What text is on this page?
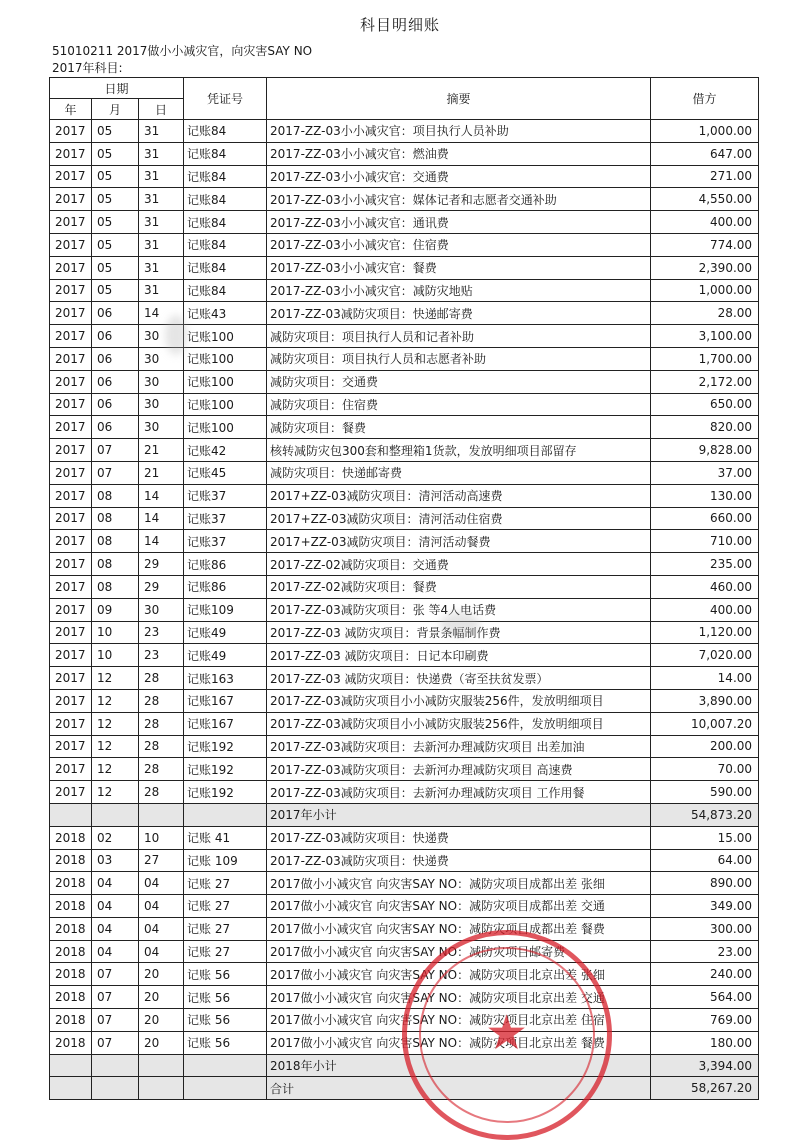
科目明细账
51010211 2017做小小减灾官，向灾害SAY NO
2017年科目:
日期			凭证号	摘要	借方
年	月	日			
2017	05	31	记账84	2017-ZZ-03小小减灾官：项目执行人员补助	1,000.00
2017	05	31	记账84	2017-ZZ-03小小减灾官：燃油费	647.00
2017	05	31	记账84	2017-ZZ-03小小减灾官：交通费	271.00
2017	05	31	记账84	2017-ZZ-03小小减灾官：媒体记者和志愿者交通补助	4,550.00
2017	05	31	记账84	2017-ZZ-03小小减灾官：通讯费	400.00
2017	05	31	记账84	2017-ZZ-03小小减灾官：住宿费	774.00
2017	05	31	记账84	2017-ZZ-03小小减灾官：餐费	2,390.00
2017	05	31	记账84	2017-ZZ-03小小减灾官：减防灾地贴	1,000.00
2017	06	14	记账43	2017-ZZ-03减防灾项目：快递邮寄费	28.00
2017	06	30	记账100	减防灾项目：项目执行人员和记者补助	3,100.00
2017	06	30	记账100	减防灾项目：项目执行人员和志愿者补助	1,700.00
2017	06	30	记账100	减防灾项目：交通费	2,172.00
2017	06	30	记账100	减防灾项目：住宿费	650.00
2017	06	30	记账100	减防灾项目：餐费	820.00
2017	07	21	记账42	核转减防灾包300套和整理箱1货款，发放明细项目部留存	9,828.00
2017	07	21	记账45	减防灾项目：快递邮寄费	37.00
2017	08	14	记账37	2017+ZZ-03减防灾项目：清河活动高速费	130.00
2017	08	14	记账37	2017+ZZ-03减防灾项目：清河活动住宿费	660.00
2017	08	14	记账37	2017+ZZ-03减防灾项目：清河活动餐费	710.00
2017	08	29	记账86	2017-ZZ-02减防灾项目：交通费	235.00
2017	08	29	记账86	2017-ZZ-02减防灾项目：餐费	460.00
2017	09	30	记账109	2017-ZZ-03减防灾项目：张 等4人电话费	400.00
2017	10	23	记账49	2017-ZZ-03 减防灾项目：背景条幅制作费	1,120.00
2017	10	23	记账49	2017-ZZ-03 减防灾项目：日记本印刷费	7,020.00
2017	12	28	记账163	2017-ZZ-03 减防灾项目：快递费（寄至扶贫发票）	14.00
2017	12	28	记账167	2017-ZZ-03减防灾项目小小减防灾服装256件，发放明细项目	3,890.00
2017	12	28	记账167	2017-ZZ-03减防灾项目小小减防灾服装256件，发放明细项目	10,007.20
2017	12	28	记账192	2017-ZZ-03减防灾项目：去新河办理减防灾项目 出差加油	200.00
2017	12	28	记账192	2017-ZZ-03减防灾项目：去新河办理减防灾项目 高速费	70.00
2017	12	28	记账192	2017-ZZ-03减防灾项目：去新河办理减防灾项目 工作用餐	590.00
				2017年小计	54,873.20
2018	02	10	记账 41	2017-ZZ-03减防灾项目：快递费	15.00
2018	03	27	记账 109	2017-ZZ-03减防灾项目：快递费	64.00
2018	04	04	记账 27	2017做小小减灾官 向灾害SAY NO：减防灾项目成都出差 张细	890.00
2018	04	04	记账 27	2017做小小减灾官 向灾害SAY NO：减防灾项目成都出差 交通	349.00
2018	04	04	记账 27	2017做小小减灾官 向灾害SAY NO：减防灾项目成都出差 餐费	300.00
2018	04	04	记账 27	2017做小小减灾官 向灾害SAY NO：减防灾项目邮寄费	23.00
2018	07	20	记账 56	2017做小小减灾官 向灾害SAY NO：减防灾项目北京出差 张细	240.00
2018	07	20	记账 56	2017做小小减灾官 向灾害SAY NO：减防灾项目北京出差 交通	564.00
2018	07	20	记账 56	2017做小小减灾官 向灾害SAY NO：减防灾项目北京出差 住宿	769.00
2018	07	20	记账 56	2017做小小减灾官 向灾害SAY NO：减防灾项目北京出差 餐费	180.00
				2018年小计	3,394.00
				合计	58,267.20
★
